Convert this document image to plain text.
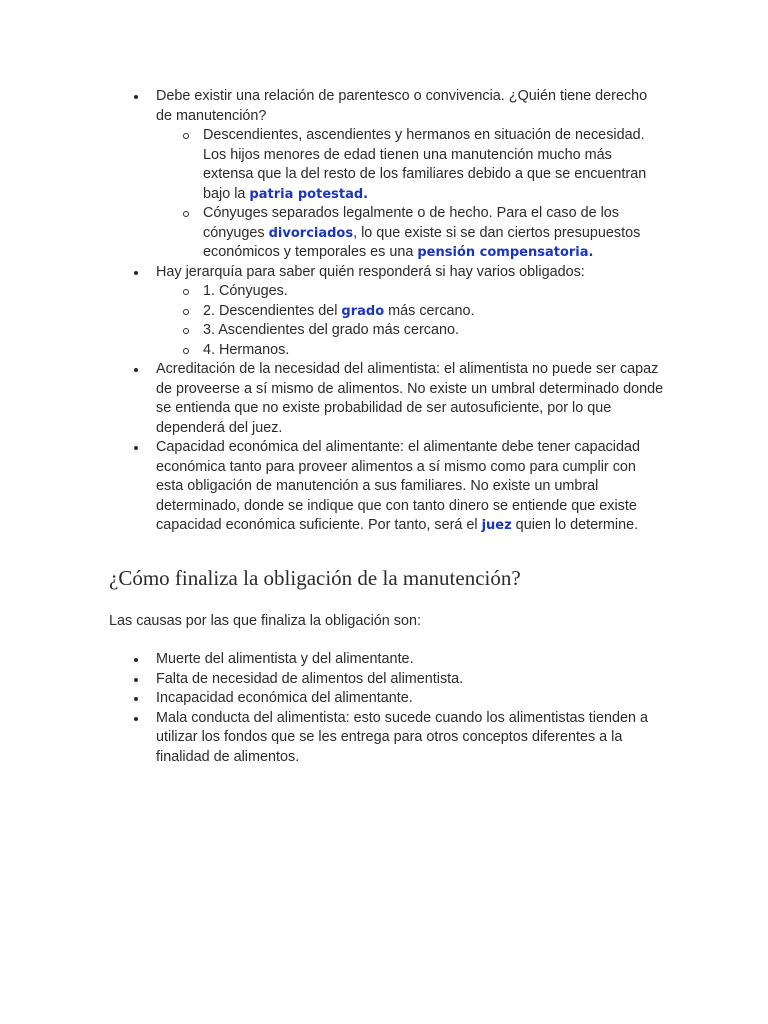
Debe existir una relación de parentesco o convivencia. ¿Quién tiene derecho de manutención?
Descendientes, ascendientes y hermanos en situación de necesidad. Los hijos menores de edad tienen una manutención mucho más extensa que la del resto de los familiares debido a que se encuentran bajo la patria potestad.
Cónyuges separados legalmente o de hecho. Para el caso de los cónyuges divorciados, lo que existe si se dan ciertos presupuestos económicos y temporales es una pensión compensatoria.
Hay jerarquía para saber quién responderá si hay varios obligados:
1. Cónyuges.
2. Descendientes del grado más cercano.
3. Ascendientes del grado más cercano.
4. Hermanos.
Acreditación de la necesidad del alimentista: el alimentista no puede ser capaz de proveerse a sí mismo de alimentos. No existe un umbral determinado donde se entienda que no existe probabilidad de ser autosuficiente, por lo que dependerá del juez.
Capacidad económica del alimentante: el alimentante debe tener capacidad económica tanto para proveer alimentos a sí mismo como para cumplir con esta obligación de manutención a sus familiares. No existe un umbral determinado, donde se indique que con tanto dinero se entiende que existe capacidad económica suficiente. Por tanto, será el juez quien lo determine.
¿Cómo finaliza la obligación de la manutención?

Las causas por las que finaliza la obligación son:

Muerte del alimentista y del alimentante.
Falta de necesidad de alimentos del alimentista.
Incapacidad económica del alimentante.
Mala conducta del alimentista: esto sucede cuando los alimentistas tienden a utilizar los fondos que se les entrega para otros conceptos diferentes a la finalidad de alimentos.
